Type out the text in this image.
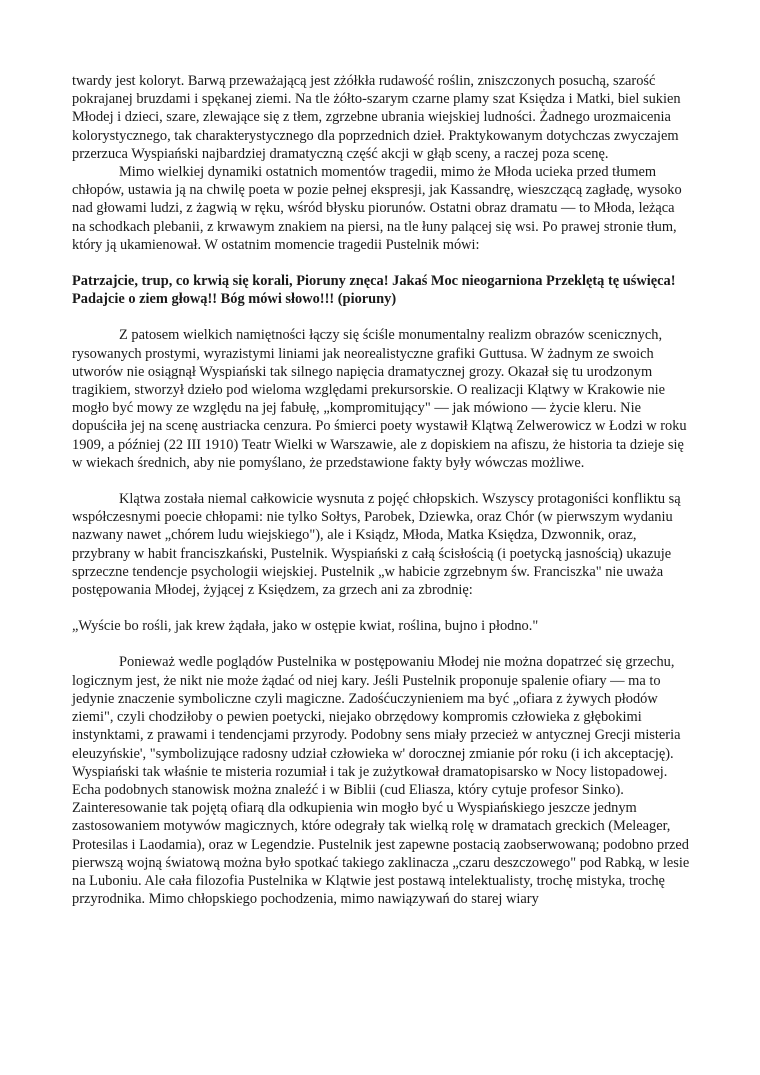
twardy jest koloryt. Barwą przeważającą jest zżółkła rudawość roślin, zniszczonych posuchą, szarość pokrajanej bruzdami i spękanej ziemi. Na tle żółto-szarym czarne plamy szat Księdza i Matki, biel sukien Młodej i dzieci, szare, zlewające się z tłem, zgrzebne ubrania wiejskiej ludności. Żadnego urozmaicenia kolorystycznego, tak charakterystycznego dla poprzednich dzieł. Praktykowanym dotychczas zwyczajem przerzuca Wyspiański najbardziej dramatyczną część akcji w głąb sceny, a raczej poza scenę.

Mimo wielkiej dynamiki ostatnich momentów tragedii, mimo że Młoda ucieka przed tłumem chłopów, ustawia ją na chwilę poeta w pozie pełnej ekspresji, jak Kassandrę, wieszczącą zagładę, wysoko nad głowami ludzi, z żagwią w ręku, wśród błysku piorunów. Ostatni obraz dramatu — to Młoda, leżąca na schodkach plebanii, z krwawym znakiem na piersi, na tle łuny palącej się wsi. Po prawej stronie tłum, który ją ukamienował. W ostatnim momencie tragedii Pustelnik mówi:

Patrzajcie, trup, co krwią się korali, Pioruny znęca! Jakaś Moc nieogarniona Przeklętą tę uświęca!

Padajcie o ziem głową!! Bóg mówi słowo!!! (pioruny)

Z patosem wielkich namiętności łączy się ściśle monumentalny realizm obrazów scenicznych, rysowanych prostymi, wyrazistymi liniami jak neorealistyczne grafiki Guttusa. W żadnym ze swoich utworów nie osiągnął Wyspiański tak silnego napięcia dramatycznej grozy. Okazał się tu urodzonym tragikiem, stworzył dzieło pod wieloma względami prekursorskie. O realizacji Klątwy w Krakowie nie mogło być mowy ze względu na jej fabułę, „kompromitujący" — jak mówiono — życie kleru. Nie dopuściła jej na scenę austriacka cenzura. Po śmierci poety wystawił Klątwą Zelwerowicz w Łodzi w roku 1909, a później (22 III 1910) Teatr Wielki w Warszawie, ale z dopiskiem na afiszu, że historia ta dzieje się w wiekach średnich, aby nie pomyślano, że przedstawione fakty były wówczas możliwe.

Klątwa została niemal całkowicie wysnuta z pojęć chłopskich. Wszyscy protagoniści konfliktu są współczesnymi poecie chłopami: nie tylko Sołtys, Parobek, Dziewka, oraz Chór (w pierwszym wydaniu nazwany nawet „chórem ludu wiejskiego"), ale i Ksiądz, Młoda, Matka Księdza, Dzwonnik, oraz, przybrany w habit franciszkański, Pustelnik. Wyspiański z całą ścisłością (i poetycką jasnością) ukazuje sprzeczne tendencje psychologii wiejskiej. Pustelnik „w habicie zgrzebnym św. Franciszka" nie uważa postępowania Młodej, żyjącej z Księdzem, za grzech ani za zbrodnię:

„Wyście bo rośli, jak krew żądała, jako w ostępie kwiat, roślina, bujno i płodno."

Ponieważ wedle poglądów Pustelnika w postępowaniu Młodej nie można dopatrzeć się grzechu, logicznym jest, że nikt nie może żądać od niej kary. Jeśli Pustelnik proponuje spalenie ofiary — ma to jedynie znaczenie symboliczne czyli magiczne. Zadośćuczynieniem ma być „ofiara z żywych płodów ziemi", czyli chodziłoby o pewien poetycki, niejako obrzędowy kompromis człowieka z głębokimi instynktami, z prawami i tendencjami przyrody. Podobny sens miały przecież w antycznej Grecji misteria eleuzyńskie', "symbolizujące radosny udział człowieka w' dorocznej zmianie pór roku (i ich akceptację). Wyspiański tak właśnie te misteria rozumiał i tak je zużytkował dramatopisarsko w Nocy listopadowej. Echa podobnych stanowisk można znaleźć i w Biblii (cud Eliasza, który cytuje profesor Sinko). Zainteresowanie tak pojętą ofiarą dla odkupienia win mogło być u Wyspiańskiego jeszcze jednym zastosowaniem motywów magicznych, które odegrały tak wielką rolę w dramatach greckich (Meleager, Protesilas i Laodamia), oraz w Legendzie. Pustelnik jest zapewne postacią zaobserwowaną; podobno przed pierwszą wojną światową można było spotkać takiego zaklinacza „czaru deszczowego" pod Rabką, w lesie na Luboniu. Ale cała filozofia Pustelnika w Klątwie jest postawą intelektualisty, trochę mistyka, trochę przyrodnika. Mimo chłopskiego pochodzenia, mimo nawiązywań do starej wiary
